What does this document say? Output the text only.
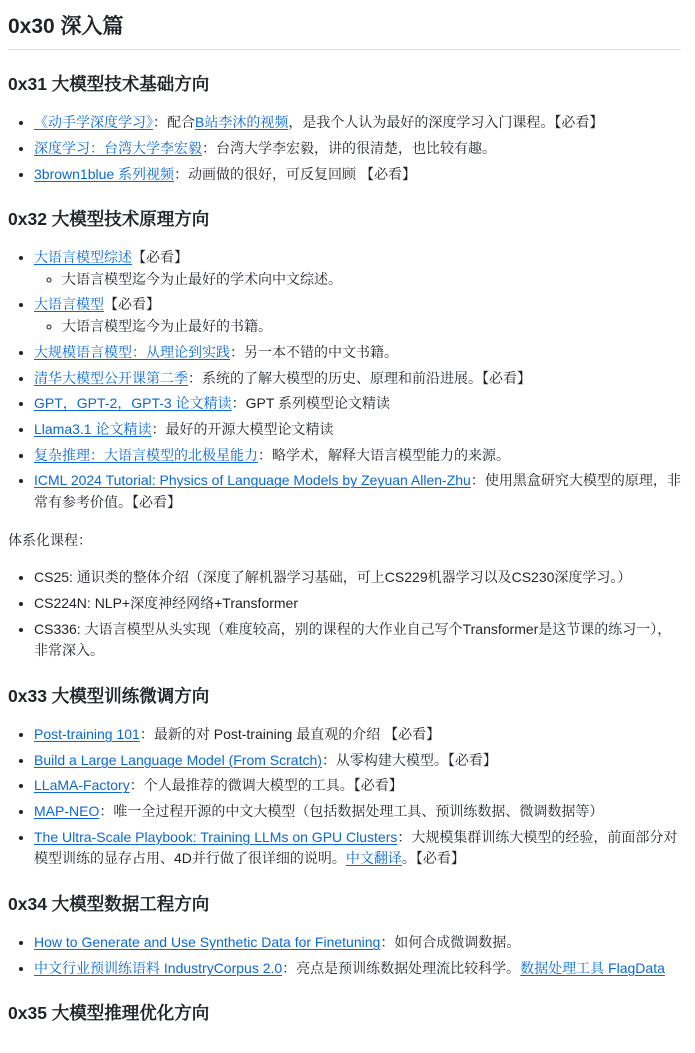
0x30 深入篇
0x31 大模型技术基础方向
• 《动手学深度学习》：配合B站李沐的视频，是我个人认为最好的深度学习入门课程。【必看】
• 深度学习：台湾大学李宏毅：台湾大学李宏毅，讲的很清楚，也比较有趣。
• 3brown1blue 系列视频：动画做的很好，可反复回顾 【必看】
0x32 大模型技术原理方向
• 大语言模型综述【必看】
◦ 大语言模型迄今为止最好的学术向中文综述。
• 大语言模型【必看】
◦ 大语言模型迄今为止最好的书籍。
• 大规模语言模型：从理论到实践：另一本不错的中文书籍。
• 清华大模型公开课第二季：系统的了解大模型的历史、原理和前沿进展。【必看】
• GPT，GPT-2，GPT-3 论文精读：GPT 系列模型论文精读
• Llama3.1 论文精读：最好的开源大模型论文精读
• 复杂推理：大语言模型的北极星能力：略学术，解释大语言模型能力的来源。
• ICML 2024 Tutorial: Physics of Language Models by Zeyuan Allen-Zhu：使用黑盒研究大模型的原理，非常有参考价值。【必看】

体系化课程：

• CS25: 通识类的整体介绍（深度了解机器学习基础，可上CS229机器学习以及CS230深度学习。）
• CS224N: NLP+深度神经网络+Transformer
• CS336: 大语言模型从头实现（难度较高，别的课程的大作业自己写个Transformer是这节课的练习一），非常深入。
0x33 大模型训练微调方向
• Post-training 101：最新的对 Post-training 最直观的介绍 【必看】
• Build a Large Language Model (From Scratch)：从零构建大模型。【必看】
• LLaMA-Factory：个人最推荐的微调大模型的工具。【必看】
• MAP-NEO：唯一全过程开源的中文大模型（包括数据处理工具、预训练数据、微调数据等）
• The Ultra-Scale Playbook: Training LLMs on GPU Clusters：大规模集群训练大模型的经验，前面部分对模型训练的显存占用、4D并行做了很详细的说明。中文翻译。【必看】
0x34 大模型数据工程方向
• How to Generate and Use Synthetic Data for Finetuning：如何合成微调数据。
• 中文行业预训练语料 IndustryCorpus 2.0：亮点是预训练数据处理流比较科学。数据处理工具 FlagData
0x35 大模型推理优化方向
